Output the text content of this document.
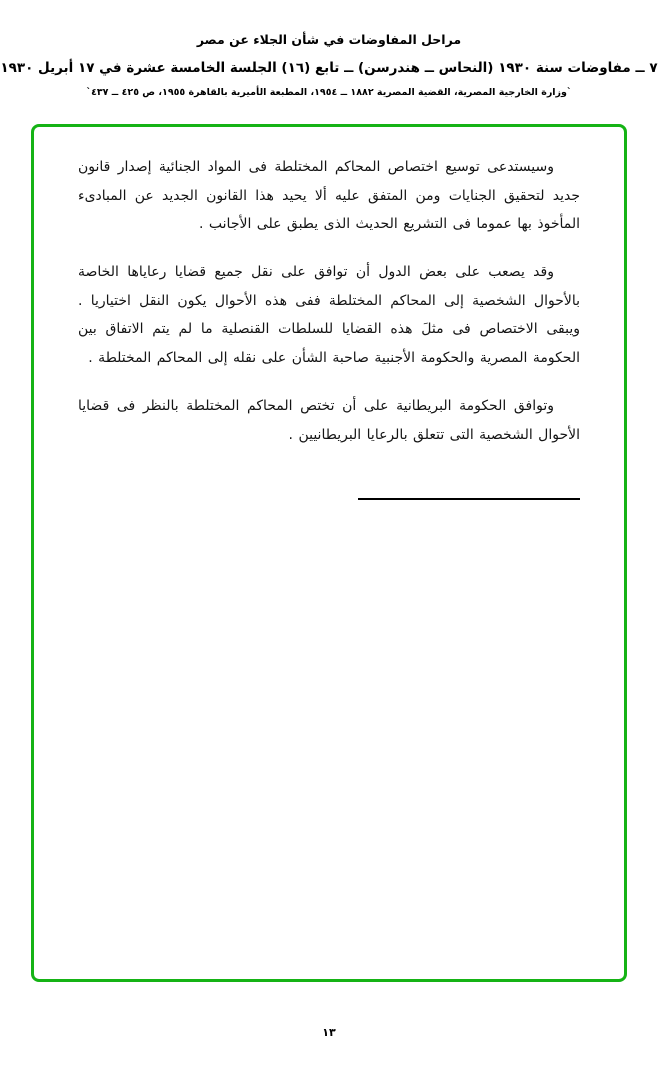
مراحل المفاوضات في شأن الجلاء عن مصر
٧ ــ مفاوضات سنة ١٩٣٠ (النحاس ــ هندرسن) ــ تابع (١٦) الجلسة الخامسة عشرة في ١٧ أبريل ١٩٣٠
`وزارة الخارجية المصرية، القضية المصرية ١٨٨٢ ــ ١٩٥٤، المطبعة الأميرية بالقاهرة ١٩٥٥، ص ٤٢٥ ــ ٤٣٧`

وسيستدعى توسيع اختصاص المحاكم المختلطة فى المواد الجنائية إصدار قانون جديد لتحقيق الجنايات ومن المتفق عليه ألا يحيد هذا القانون الجديد عن المبادىء المأخوذ بها عموما فى التشريع الحديث الذى يطبق على الأجانب .

وقد يصعب على بعض الدول أن توافق على نقل جميع قضايا رعاياها الخاصة بالأحوال الشخصية إلى المحاكم المختلطة ففى هذه الأحوال يكون النقل اختياريا . ويبقى الاختصاص فى مثلَ هذه القضايا للسلطات القنصلية ما لم يتم الاتفاق بين الحكومة المصرية والحكومة الأجنبية صاحبة الشأن على نقله إلى المحاكم المختلطة .

وتوافق الحكومة البريطانية على أن تختص المحاكم المختلطة بالنظر فى قضايا الأحوال الشخصية التى تتعلق بالرعايا البريطانيين .

١٣
